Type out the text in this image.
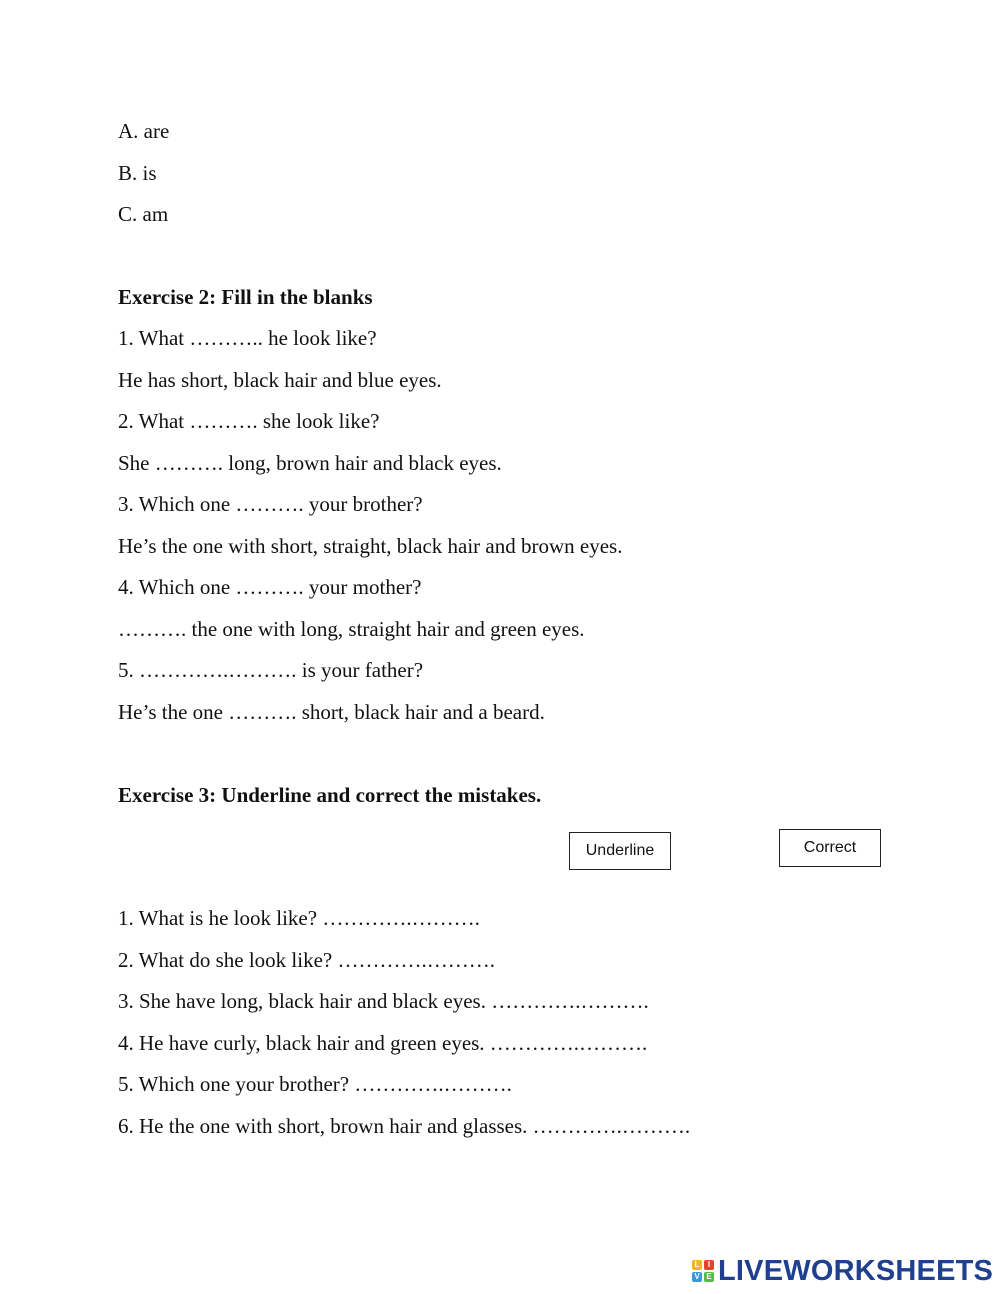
A. are
B. is
C. am
Exercise 2: Fill in the blanks
1. What ……….. he look like?
He has short, black hair and blue eyes.
2. What ………. she look like?
She ………. long, brown hair and black eyes.
3. Which one ………. your brother?
He’s the one with short, straight, black hair and brown eyes.
4. Which one ………. your mother?
………. the one with long, straight hair and green eyes.
5. ………….………. is your father?
He’s the one ………. short, black hair and a beard.
Exercise 3: Underline and correct the mistakes.
Underline	Correct
1. What is he look like? ………….……….
2. What do she look like? ………….……….
3. She have long, black hair and black eyes. ………….……….
4. He have curly, black hair and green eyes. ………….……….
5. Which one your brother? ………….……….
6. He the one with short, brown hair and glasses. ………….……….
L	I
V E LIVEWORKSHEETS
